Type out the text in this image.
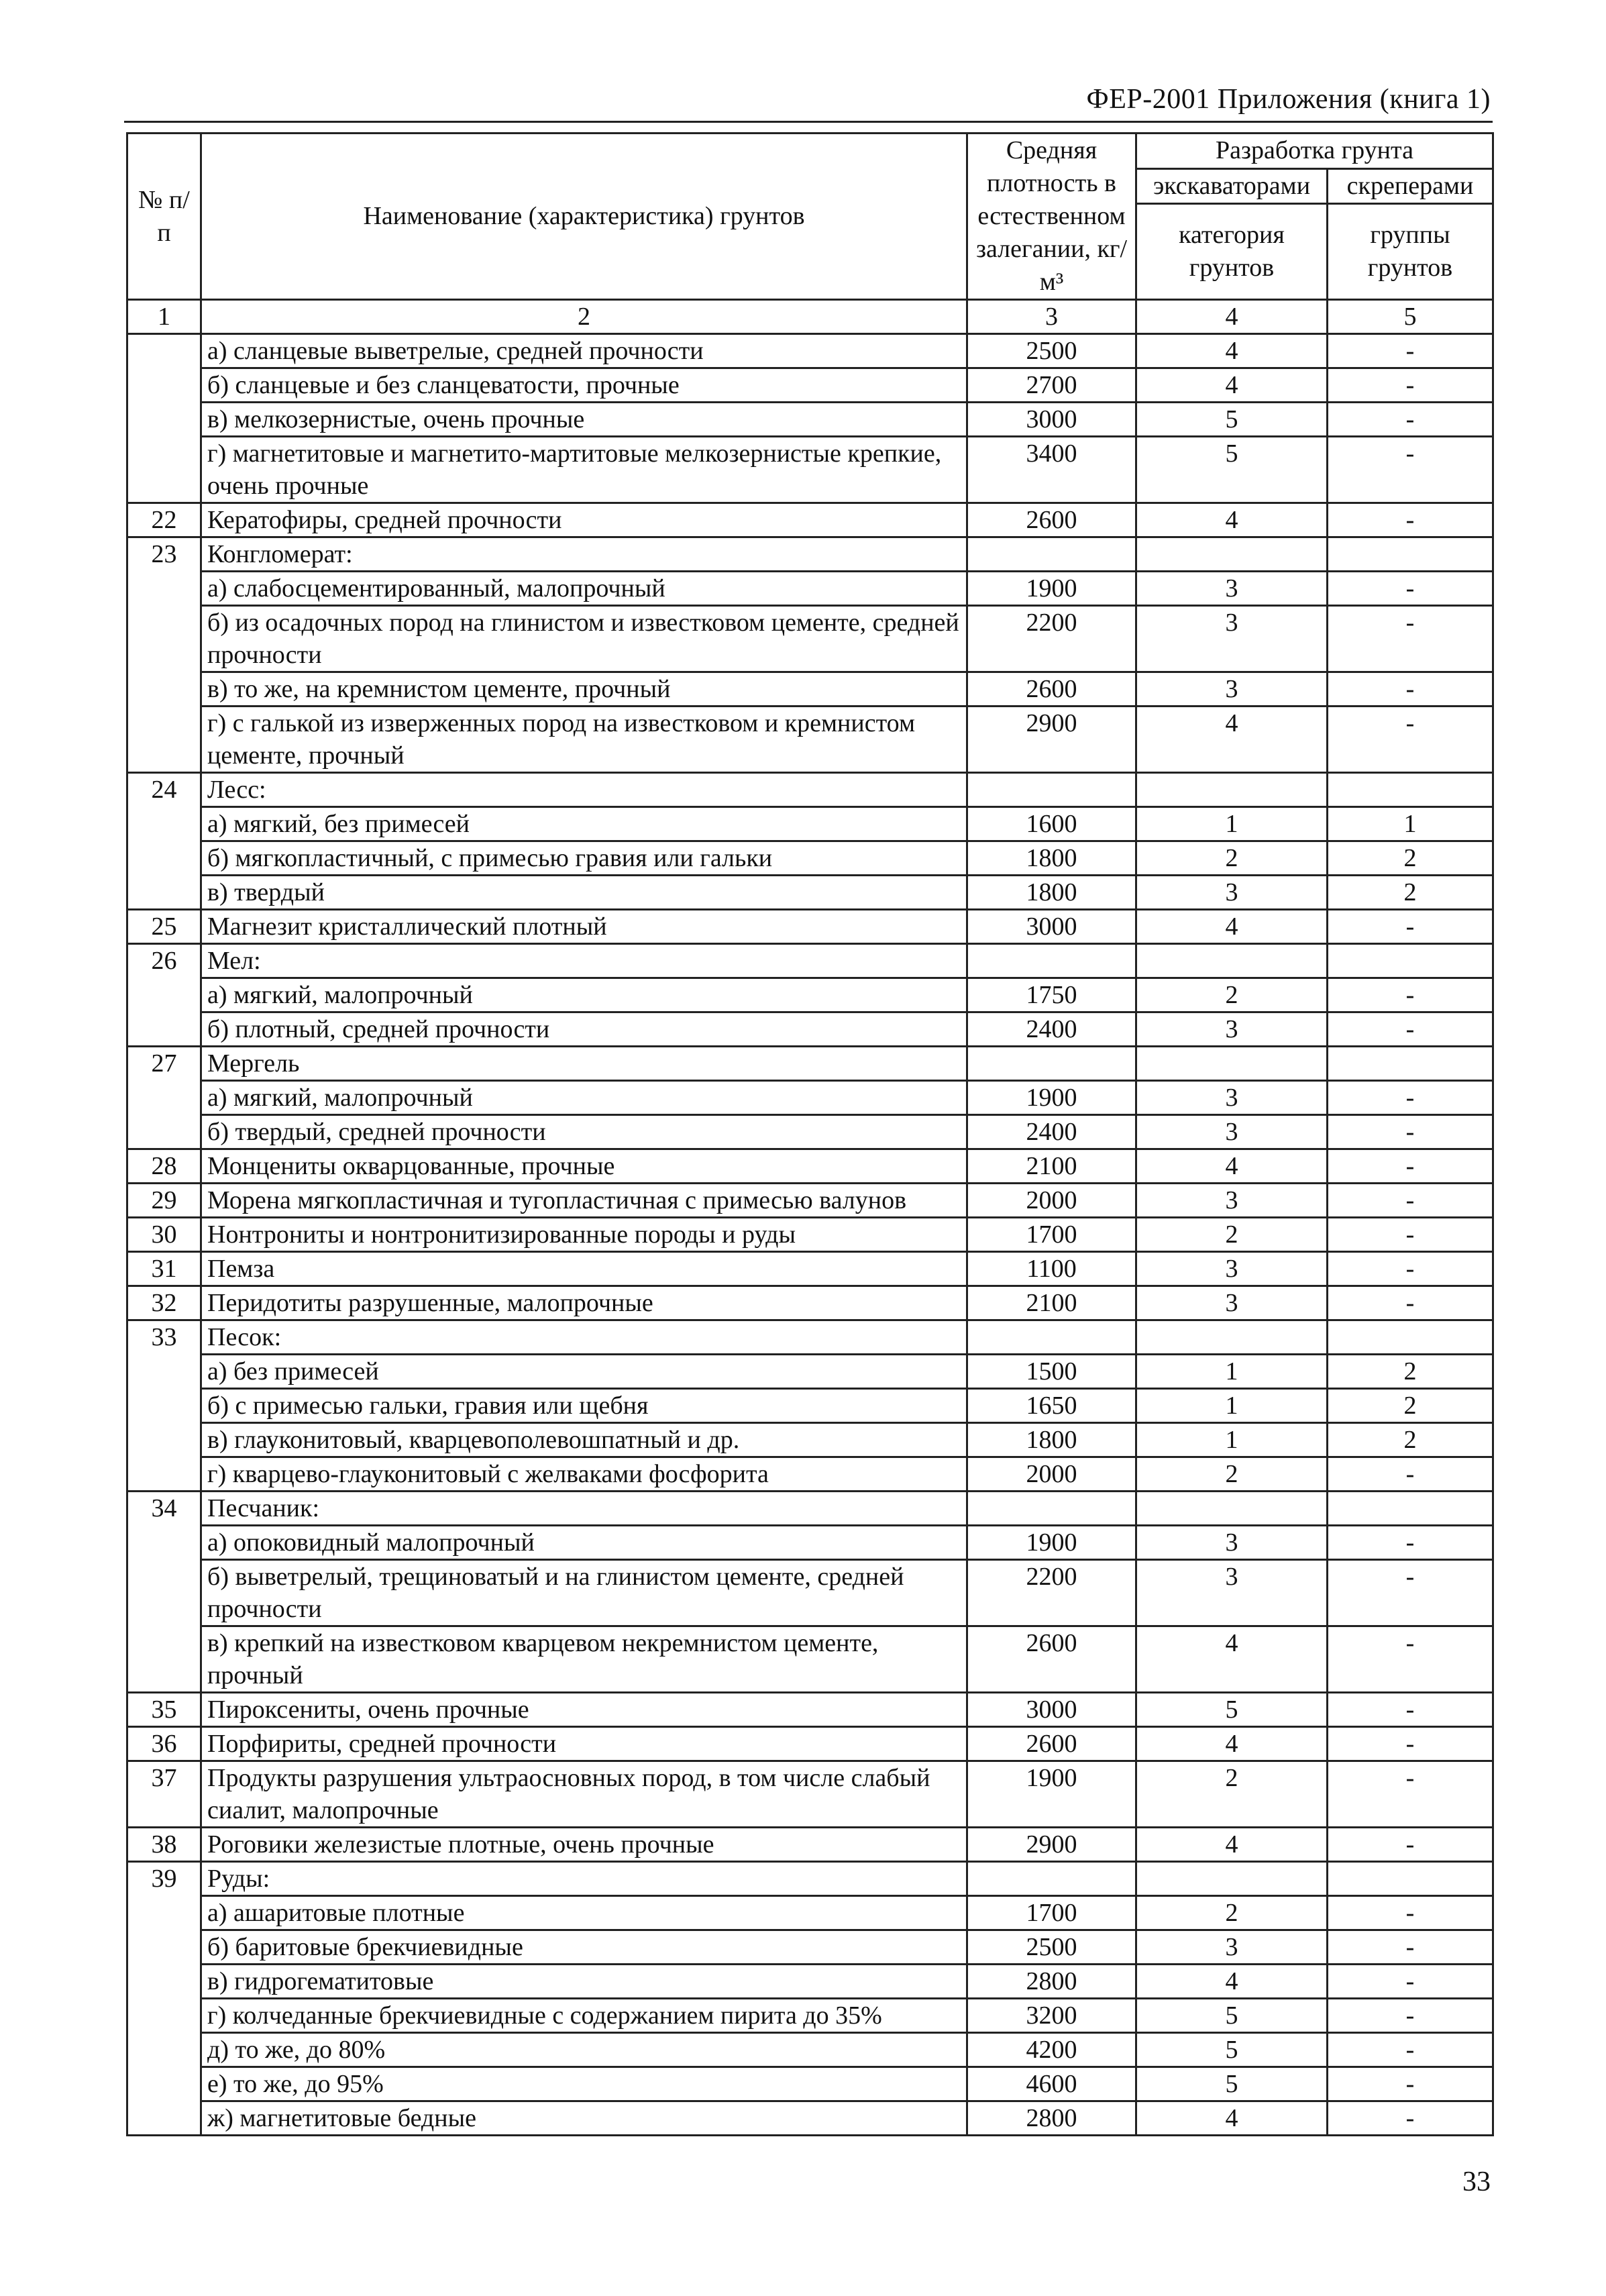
ФЕР-2001 Приложения (книга 1)
№ п/п	Наименование (характеристика) грунтов	Средняя плотность в естественном залегании, кг/м³	Разработка грунта	
			экскаваторами	скреперами
			категория грунтов	группы грунтов
1	2	3	4	5
	а) сланцевые выветрелые, средней прочности	2500	4	-
	б) сланцевые и без сланцеватости, прочные	2700	4	-
	в) мелкозернистые, очень прочные	3000	5	-
	г) магнетитовые и магнетито-мартитовые мелкозернистые крепкие, очень прочные	3400	5	-
22	Кератофиры, средней прочности	2600	4	-
23	Конгломерат:			
	а) слабосцементированный, малопрочный	1900	3	-
	б) из осадочных пород на глинистом и известковом цементе, средней прочности	2200	3	-
	в) то же, на кремнистом цементе, прочный	2600	3	-
	г) с галькой из изверженных пород на известковом и кремнистом цементе, прочный	2900	4	-
24	Лесс:			
	а) мягкий, без примесей	1600	1	1
	б) мягкопластичный, с примесью гравия или гальки	1800	2	2
	в) твердый	1800	3	2
25	Магнезит кристаллический плотный	3000	4	-
26	Мел:			
	а) мягкий, малопрочный	1750	2	-
	б) плотный, средней прочности	2400	3	-
27	Мергель			
	а) мягкий, малопрочный	1900	3	-
	б) твердый, средней прочности	2400	3	-
28	Монцениты окварцованные, прочные	2100	4	-
29	Морена мягкопластичная и тугопластичная с примесью валунов	2000	3	-
30	Нонтрониты и нонтронитизированные породы и руды	1700	2	-
31	Пемза	1100	3	-
32	Перидотиты разрушенные, малопрочные	2100	3	-
33	Песок:			
	а) без примесей	1500	1	2
	б) с примесью гальки, гравия или щебня	1650	1	2
	в) глауконитовый, кварцевополевошпатный и др.	1800	1	2
	г) кварцево-глауконитовый с желваками фосфорита	2000	2	-
34	Песчаник:			
	а) опоковидный малопрочный	1900	3	-
	б) выветрелый, трещиноватый и на глинистом цементе, средней прочности	2200	3	-
	в) крепкий на известковом кварцевом некремнистом цементе, прочный	2600	4	-
35	Пироксениты, очень прочные	3000	5	-
36	Порфириты, средней прочности	2600	4	-
37	Продукты разрушения ультраосновных пород, в том числе слабый сиалит, малопрочные	1900	2	-
38	Роговики железистые плотные, очень прочные	2900	4	-
39	Руды:			
	а) ашаритовые плотные	1700	2	-
	б) баритовые брекчиевидные	2500	3	-
	в) гидрогематитовые	2800	4	-
	г) колчеданные брекчиевидные с содержанием пирита до 35%	3200	5	-
	д) то же, до 80%	4200	5	-
	е) то же, до 95%	4600	5	-
	ж) магнетитовые бедные	2800	4	-
33
